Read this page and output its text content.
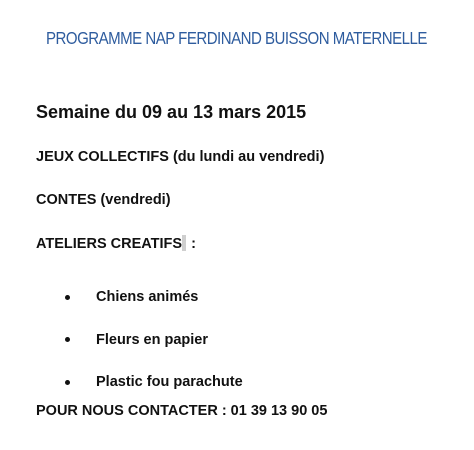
PROGRAMME NAP FERDINAND BUISSON MATERNELLE
Semaine du 09 au 13 mars 2015
JEUX COLLECTIFS (du lundi au vendredi)
CONTES (vendredi)
ATELIERS CREATIFS :
Chiens animés
Fleurs en papier
Plastic fou parachute
POUR NOUS CONTACTER : 01 39 13 90 05
